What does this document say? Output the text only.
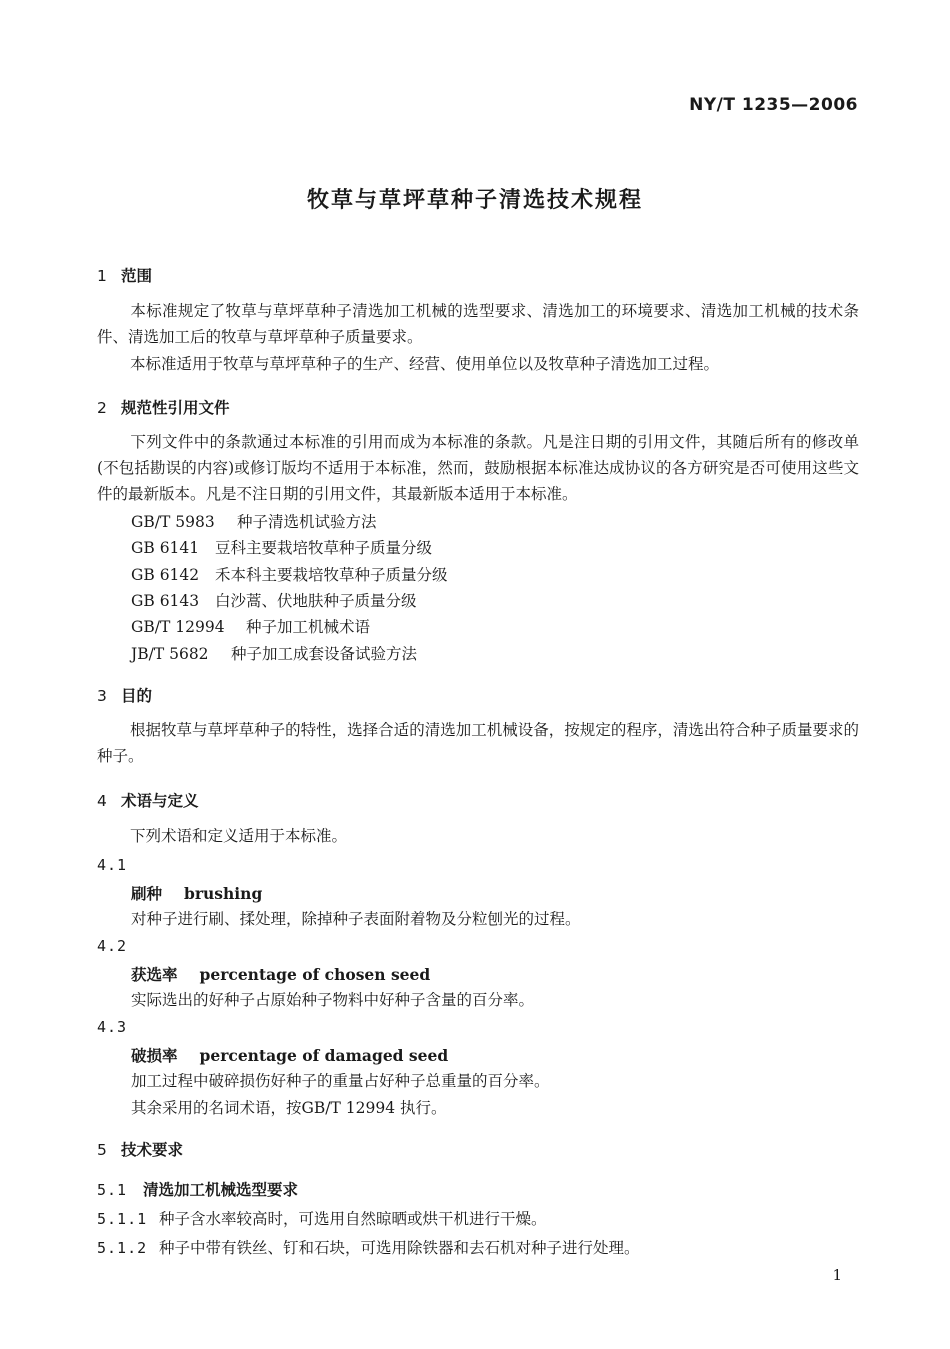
NY/T 1235—2006
牧草与草坪草种子清选技术规程
1 范围
本标准规定了牧草与草坪草种子清选加工机械的选型要求、清选加工的环境要求、清选加工机械的技术条件、清选加工后的牧草与草坪草种子质量要求。
本标准适用于牧草与草坪草种子的生产、经营、使用单位以及牧草种子清选加工过程。
2 规范性引用文件
下列文件中的条款通过本标准的引用而成为本标准的条款。凡是注日期的引用文件，其随后所有的修改单(不包括勘误的内容)或修订版均不适用于本标准，然而，鼓励根据本标准达成协议的各方研究是否可使用这些文件的最新版本。凡是不注日期的引用文件，其最新版本适用于本标准。
GB/T 5983 种子清选机试验方法
GB 6141 豆科主要栽培牧草种子质量分级
GB 6142 禾本科主要栽培牧草种子质量分级
GB 6143 白沙蒿、伏地肤种子质量分级
GB/T 12994 种子加工机械术语
JB/T 5682 种子加工成套设备试验方法
3 目的
根据牧草与草坪草种子的特性，选择合适的清选加工机械设备，按规定的程序，清选出符合种子质量要求的种子。
4 术语与定义
下列术语和定义适用于本标准。
4.1
刷种 brushing
对种子进行刷、揉处理，除掉种子表面附着物及分粒刨光的过程。
4.2
获选率 percentage of chosen seed
实际选出的好种子占原始种子物料中好种子含量的百分率。
4.3
破损率 percentage of damaged seed
加工过程中破碎损伤好种子的重量占好种子总重量的百分率。
其余采用的名词术语，按GB/T 12994 执行。
5 技术要求
5.1 清选加工机械选型要求
5.1.1 种子含水率较高时，可选用自然晾晒或烘干机进行干燥。
5.1.2 种子中带有铁丝、钉和石块，可选用除铁器和去石机对种子进行处理。
1
